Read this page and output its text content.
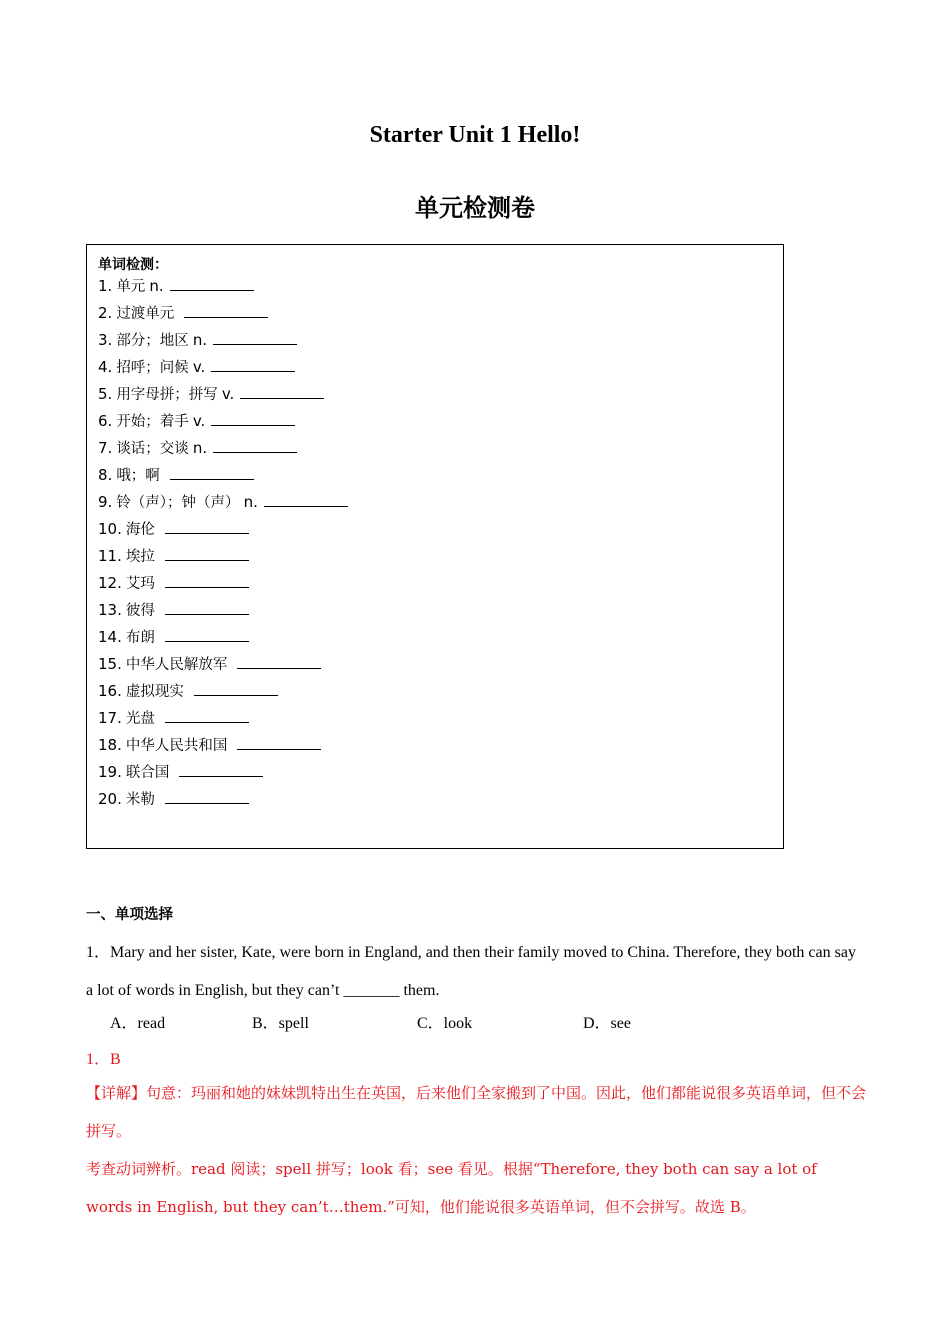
Starter Unit 1 Hello!
单元检测卷
单词检测：
1. 单元 n.
2. 过渡单元
3. 部分；地区 n.
4. 招呼；问候 v.
5. 用字母拼；拼写 v.
6. 开始；着手 v.
7. 谈话；交谈 n.
8. 哦；啊
9. 铃（声）；钟（声） n.
10. 海伦
11. 埃拉
12. 艾玛
13. 彼得
14. 布朗
15. 中华人民解放军
16. 虚拟现实
17. 光盘
18. 中华人民共和国
19. 联合国
20. 米勒
一、单项选择
1．Mary and her sister, Kate, were born in England, and then their family moved to China. Therefore, they both can say a lot of words in English, but they can’t _______ them.
A．read	B．spell	C．look	D．see
1．B

【详解】句意：玛丽和她的妹妹凯特出生在英国，后来他们全家搬到了中国。因此，他们都能说很多英语单词，但不会拼写。

考查动词辨析。read 阅读；spell 拼写；look 看；see 看见。根据“Therefore, they both can say a lot of words in English, but they can’t…them.”可知，他们能说很多英语单词，但不会拼写。故选 B。
